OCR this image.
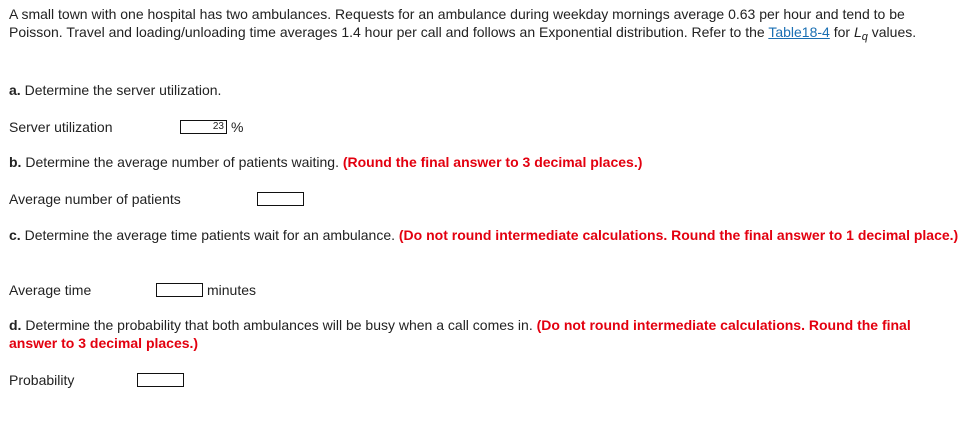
A small town with one hospital has two ambulances. Requests for an ambulance during weekday mornings average 0.63 per hour and tend to be Poisson. Travel and loading/unloading time averages 1.4 hour per call and follows an Exponential distribution. Refer to the Table18-4 for $L_q$ values.

a. Determine the server utilization.
Server utilization	23 %
b. Determine the average number of patients waiting. (Round the final answer to 3 decimal places.)
Average number of patients
c. Determine the average time patients wait for an ambulance. (Do not round intermediate calculations. Round the final answer to 1 decimal place.)
Average time	minutes
d. Determine the probability that both ambulances will be busy when a call comes in. (Do not round intermediate calculations. Round the final answer to 3 decimal places.)
Probability
